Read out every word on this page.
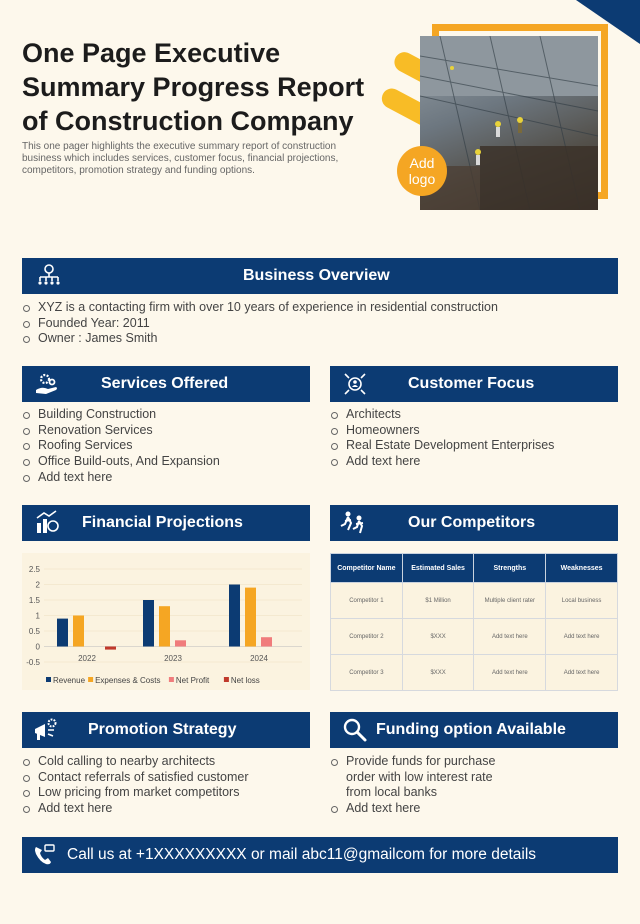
One Page Executive Summary Progress Report of Construction Company

This one pager highlights the executive summary report of construction business which includes services, customer focus, financial projections, competitors, promotion strategy and funding options.	Add logo
Business Overview
XYZ is a contacting firm with over 10 years of experience in residential construction
Founded Year: 2011
Owner : James Smith
Services Offered
Building Construction
Renovation Services
Roofing Services
Office Build-outs, And Expansion
Add text here
Customer Focus
Architects
Homeowners
Real Estate Development Enterprises
Add text here
Financial Projections
2.5
2
1.5
1
0.5
0
-0.5	2022	2023	2024
Revenue Expenses & Costs Net Profit	Net loss
Our Competitors
Competitor Name	Estimated Sales	Strengths	Weaknesses
Competitor 1	$1 Million	Multiple client rater	Local business
Competitor 2	$XXX	Add text here	Add text here
Competitor 3	$XXX	Add text here	Add text here
Promotion Strategy
Cold calling to nearby architects
Contact referrals of satisfied customer
Low pricing from market competitors
Add text here
Funding option Available
Provide funds for purchase order with low interest rate from local banks
Add text here
Call us at +1XXXXXXXXX or mail abc11@gmailcom for more details
